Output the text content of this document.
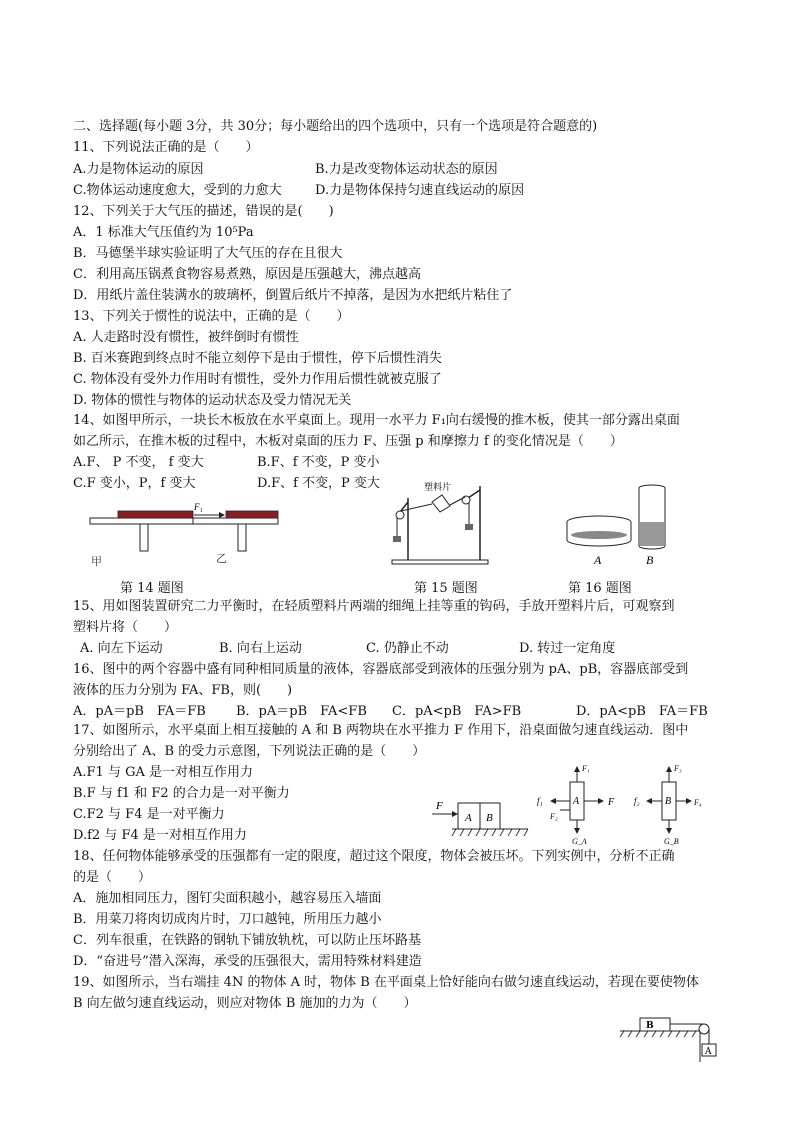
二、选择题(每小题 3分，共 30分；每小题给出的四个选项中，只有一个选项是符合题意的)
11、下列说法正确的是（　　）
A.力是物体运动的原因	B.力是改变物体运动状态的原因
C.物体运动速度愈大，受到的力愈大	D.力是物体保持匀速直线运动的原因
12、下列关于大气压的描述，错误的是(　　)
A．1 标准大气压值约为 10⁵Pa
B．马德堡半球实验证明了大气压的存在且很大
C．利用高压锅煮食物容易煮熟，原因是压强越大，沸点越高
D．用纸片盖住装满水的玻璃杯，倒置后纸片不掉落，是因为水把纸片粘住了
13、下列关于惯性的说法中，正确的是（　　）
A. 人走路时没有惯性，被绊倒时有惯性
B. 百米赛跑到终点时不能立刻停下是由于惯性，停下后惯性消失
C. 物体没有受外力作用时有惯性，受外力作用后惯性就被克服了
D. 物体的惯性与物体的运动状态及受力情况无关
14、如图甲所示，一块长木板放在水平桌面上。现用一水平力 F₁向右缓慢的推木板，使其一部分露出桌面
如乙所示，在推木板的过程中，木板对桌面的压力 F、压强 p 和摩擦力 f 的变化情况是（　　）
A.F、 P 不变， f 变大	B.F、f 不变，P 变小
C.F 变小，P，f 变大	D.F、f 不变，P 变大
甲
F₁
乙
第 14 题图
塑料片
第 15 题图
A	B
第 16 题图
15、用如图装置研究二力平衡时，在轻质塑料片两端的细绳上挂等重的钩码，手放开塑料片后，可观察到
塑料片将（　　）
A. 向左下运动	B. 向右上运动	C. 仍静止不动	D. 转过一定角度
16、图中的两个容器中盛有同种相同质量的液体，容器底部受到液体的压强分别为 pA、pB，容器底部受到
液体的压力分别为 FA、FB，则(　　)
A．pA＝pB　FA＝FB B．pA＝pB　FA<FB C．pA<pB　FA>FB	D．pA<pB　FA＝FB
17、如图所示，水平桌面上相互接触的 A 和 B 两物块在水平推力 F 作用下，沿桌面做匀速直线运动．图中
分别给出了 A、B 的受力示意图，下列说法正确的是（　　）
A.F1 与 GA 是一对相互作用力
B.F 与 f1 和 F2 的合力是一对平衡力
C.F2 与 F4 是一对平衡力
D.f2 与 F4 是一对相互作用力
F
A B
A
F₁
G_A
f₁	F
F₂
B
F₃
G_B
f₂	F₄
18、任何物体能够承受的压强都有一定的限度，超过这个限度，物体会被压坏。下列实例中，分析不正确
的是（　　）
A．施加相同压力，图钉尖面积越小，越容易压入墙面
B．用菜刀将肉切成肉片时，刀口越钝，所用压力越小
C．列车很重，在铁路的钢轨下铺放轨枕，可以防止压坏路基
D．“奋进号”潜入深海，承受的压强很大，需用特殊材料建造
19、如图所示，当右端挂 4N 的物体 A 时，物体 B 在平面桌上恰好能向右做匀速直线运动，若现在要使物体
B 向左做匀速直线运动，则应对物体 B 施加的力为（　　）
B
A
